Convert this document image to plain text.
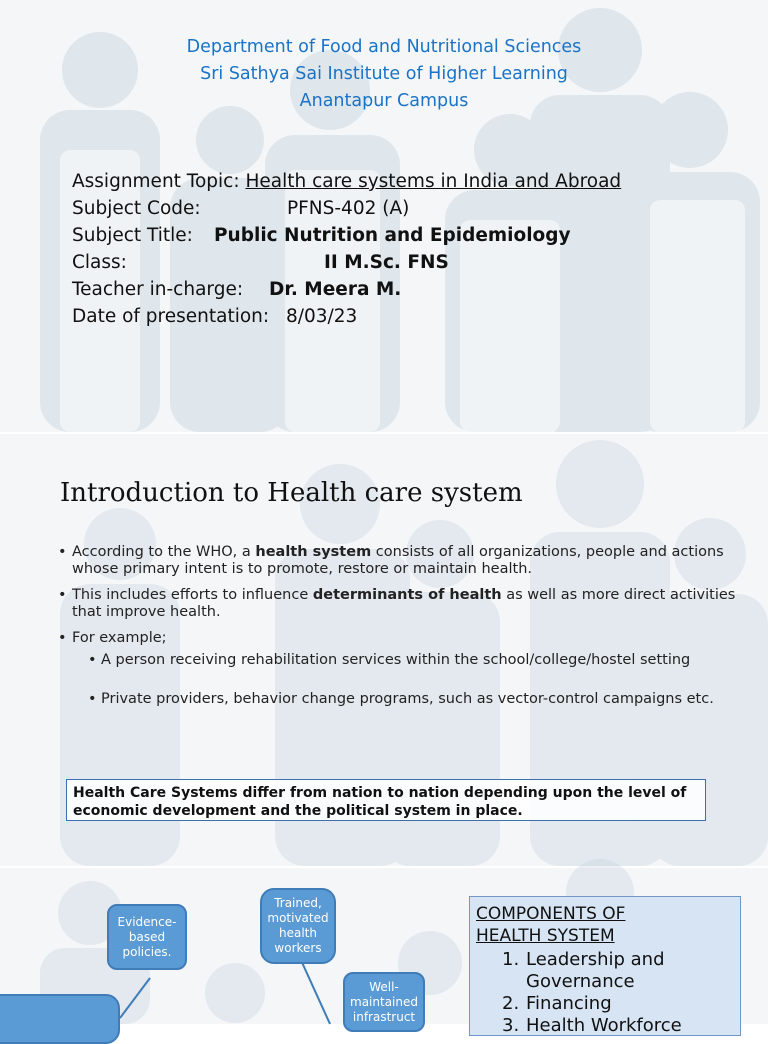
Department of Food and Nutritional Sciences
Sri Sathya Sai Institute of Higher Learning
Anantapur Campus
Assignment Topic: Health care systems in India and Abroad
Subject Code:	PFNS-402 (A)
Subject Title: Public Nutrition and Epidemiology
Class:	II M.Sc. FNS
Teacher in-charge: Dr. Meera M.
Date of presentation: 8/03/23
Introduction to Health care system
• According to the WHO, a health system consists of all organizations, people and actions whose primary intent is to promote, restore or maintain health.
• This includes efforts to influence determinants of health as well as more direct activities that improve health.
• For example;
• A person receiving rehabilitation services within the school/college/hostel setting
• Private providers, behavior change programs, such as vector-control campaigns etc.
Health Care Systems differ from nation to nation depending upon the level of economic development and the political system in place.
Evidence-based policies.
Trained, motivated health workers
Well-maintained infrastruct
COMPONENTS OF HEALTH SYSTEM
1. Leadership and Governance
2. Financing
3. Health Workforce
